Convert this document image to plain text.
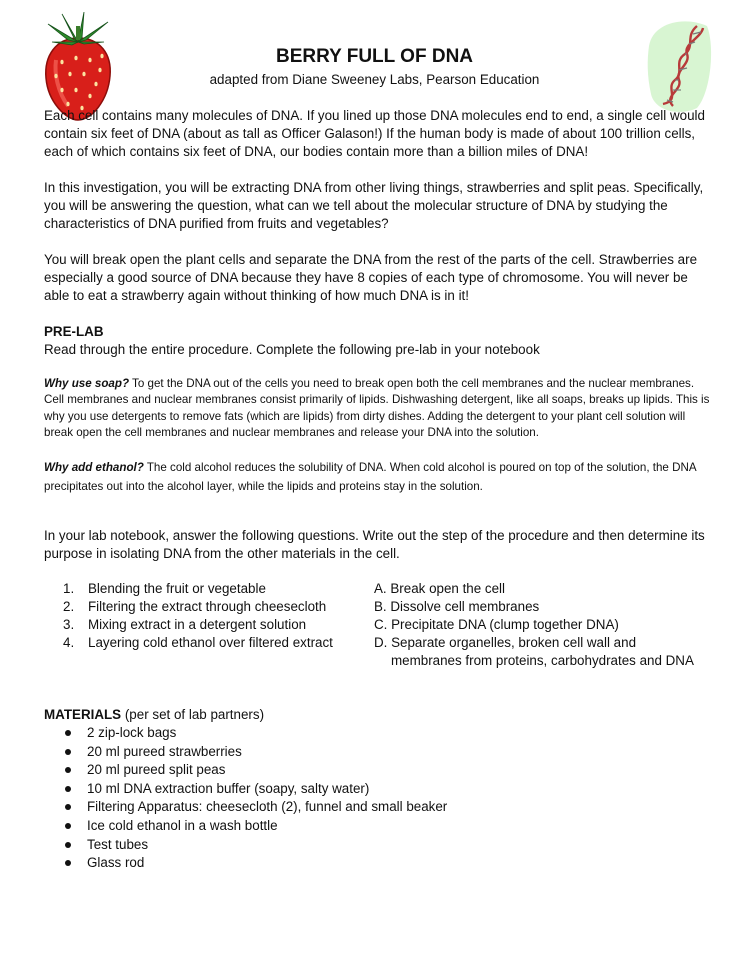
BERRY FULL OF DNA
adapted from Diane Sweeney Labs, Pearson Education
Each cell contains many molecules of DNA. If you lined up those DNA molecules end to end, a single cell would contain six feet of DNA (about as tall as Officer Galason!) If the human body is made of about 100 trillion cells, each of which contains six feet of DNA, our bodies contain more than a billion miles of DNA!
In this investigation, you will be extracting DNA from other living things, strawberries and split peas. Specifically, you will be answering the question, what can we tell about the molecular structure of DNA by studying the characteristics of DNA purified from fruits and vegetables?
You will break open the plant cells and separate the DNA from the rest of the parts of the cell. Strawberries are especially a good source of DNA because they have 8 copies of each type of chromosome. You will never be able to eat a strawberry again without thinking of how much DNA is in it!
PRE-LAB
Read through the entire procedure. Complete the following pre-lab in your notebook
Why use soap? To get the DNA out of the cells you need to break open both the cell membranes and the nuclear membranes. Cell membranes and nuclear membranes consist primarily of lipids. Dishwashing detergent, like all soaps, breaks up lipids. This is why you use detergents to remove fats (which are lipids) from dirty dishes. Adding the detergent to your plant cell solution will break open the cell membranes and nuclear membranes and release your DNA into the solution.
Why add ethanol? The cold alcohol reduces the solubility of DNA. When cold alcohol is poured on top of the solution, the DNA precipitates out into the alcohol layer, while the lipids and proteins stay in the solution.
In your lab notebook, answer the following questions. Write out the step of the procedure and then determine its purpose in isolating DNA from the other materials in the cell.
1. Blending the fruit or vegetable
2. Filtering the extract through cheesecloth
3. Mixing extract in a detergent solution
4. Layering cold ethanol over filtered extract
A. Break open the cell
B. Dissolve cell membranes
C. Precipitate DNA (clump together DNA)
D. Separate organelles, broken cell wall and
membranes from proteins, carbohydrates and DNA
MATERIALS (per set of lab partners)
2 zip-lock bags
20 ml pureed strawberries
20 ml pureed split peas
10 ml DNA extraction buffer (soapy, salty water)
Filtering Apparatus: cheesecloth (2), funnel and small beaker
Ice cold ethanol in a wash bottle
Test tubes
Glass rod
